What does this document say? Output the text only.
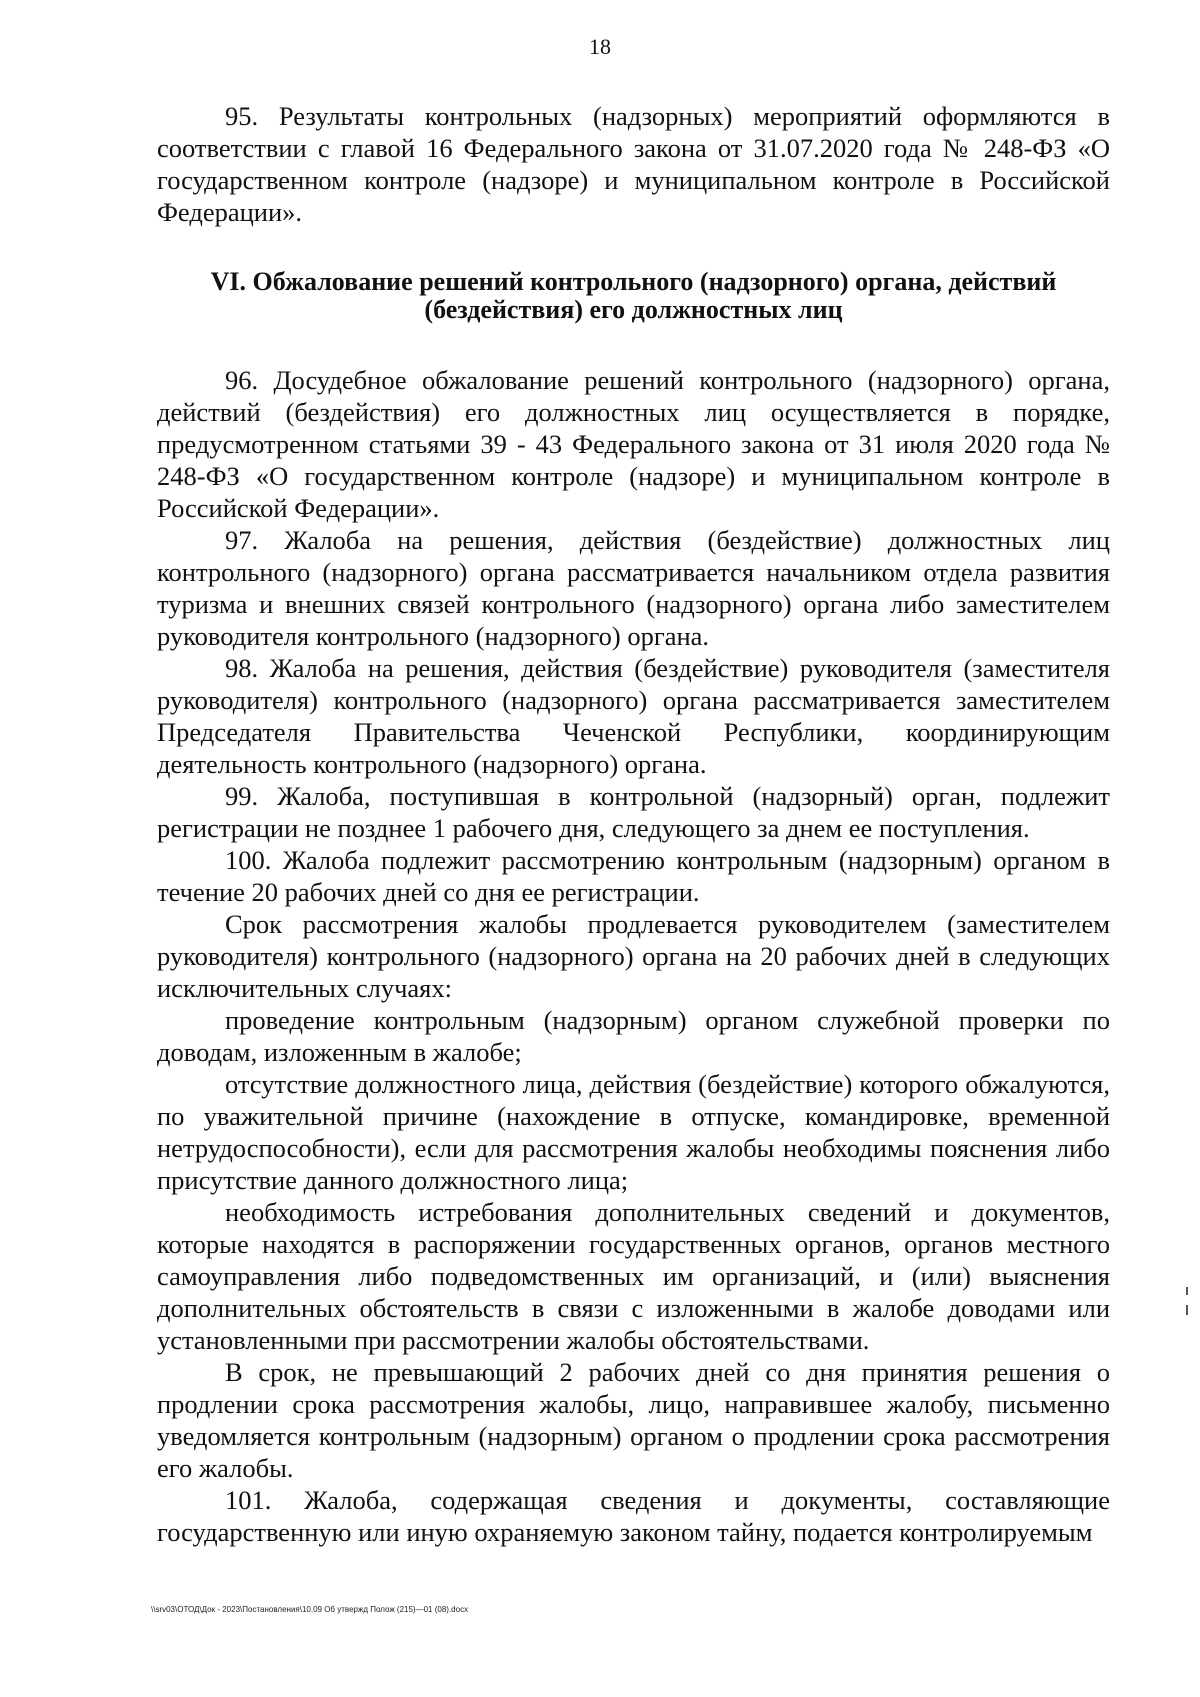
18

95. Результаты контрольных (надзорных) мероприятий оформляются в соответствии с главой 16 Федерального закона от 31.07.2020 года № 248-ФЗ «О государственном контроле (надзоре) и муниципальном контроле в Российской Федерации».

VI. Обжалование решений контрольного (надзорного) органа, действий
(бездействия) его должностных лиц

96. Досудебное обжалование решений контрольного (надзорного) органа, действий (бездействия) его должностных лиц осуществляется в порядке, предусмотренном статьями 39 - 43 Федерального закона от 31 июля 2020 года № 248-ФЗ «О государственном контроле (надзоре) и муниципальном контроле в Российской Федерации».

97. Жалоба на решения, действия (бездействие) должностных лиц контрольного (надзорного) органа рассматривается начальником отдела развития туризма и внешних связей контрольного (надзорного) органа либо заместителем руководителя контрольного (надзорного) органа.

98. Жалоба на решения, действия (бездействие) руководителя (заместителя руководителя) контрольного (надзорного) органа рассматривается заместителем Председателя Правительства Чеченской Республики, координирующим деятельность контрольного (надзорного) органа.

99. Жалоба, поступившая в контрольной (надзорный) орган, подлежит регистрации не позднее 1 рабочего дня, следующего за днем ее поступления.

100. Жалоба подлежит рассмотрению контрольным (надзорным) органом в течение 20 рабочих дней со дня ее регистрации.

Срок рассмотрения жалобы продлевается руководителем (заместителем руководителя) контрольного (надзорного) органа на 20 рабочих дней в следующих исключительных случаях:

проведение контрольным (надзорным) органом служебной проверки по доводам, изложенным в жалобе;

отсутствие должностного лица, действия (бездействие) которого обжалуются, по уважительной причине (нахождение в отпуске, командировке, временной нетрудоспособности), если для рассмотрения жалобы необходимы пояснения либо присутствие данного должностного лица;

необходимость истребования дополнительных сведений и документов, которые находятся в распоряжении государственных органов, органов местного самоуправления либо подведомственных им организаций, и (или) выяснения дополнительных обстоятельств в связи с изложенными в жалобе доводами или установленными при рассмотрении жалобы обстоятельствами.

В срок, не превышающий 2 рабочих дней со дня принятия решения о продлении срока рассмотрения жалобы, лицо, направившее жалобу, письменно уведомляется контрольным (надзорным) органом о продлении срока рассмотрения его жалобы.

101. Жалоба, содержащая сведения и документы, составляющие государственную или иную охраняемую законом тайну, подается контролируемым

\\srv03\ОТОД\Док - 2023\Постановления\10.09 Об утвержд Полож (215)—01 (08).docx
